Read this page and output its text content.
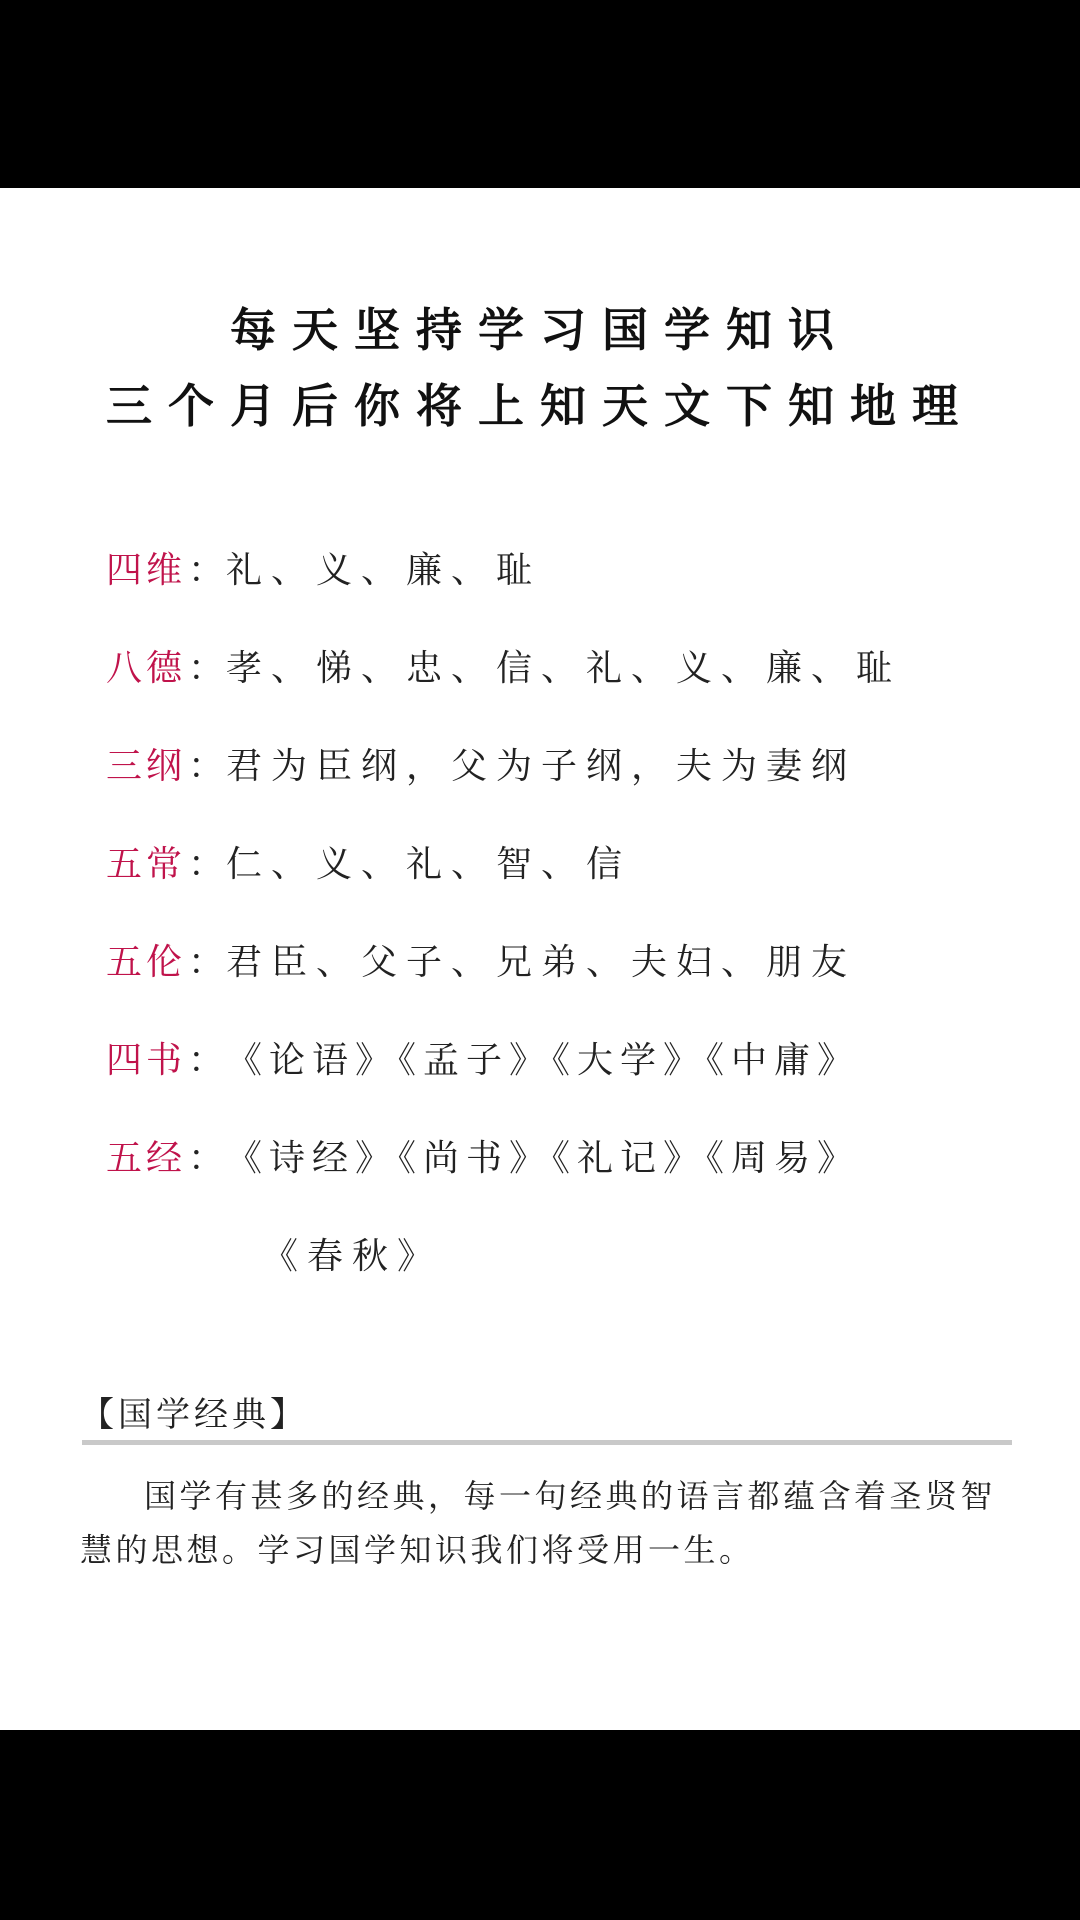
每天坚持学习国学知识
三个月后你将上知天文下知地理
四维：礼、义、廉、耻
八德：孝、悌、忠、信、礼、义、廉、耻
三纲：君为臣纲，父为子纲，夫为妻纲
五常：仁、义、礼、智、信
五伦：君臣、父子、兄弟、夫妇、朋友
四书：《论语》《孟子》《大学》《中庸》
五经：《诗经》《尚书》《礼记》《周易》
《春秋》
【国学经典】
国学有甚多的经典，每一句经典的语言都蕴含着圣贤智慧的思想。学习国学知识我们将受用一生。
